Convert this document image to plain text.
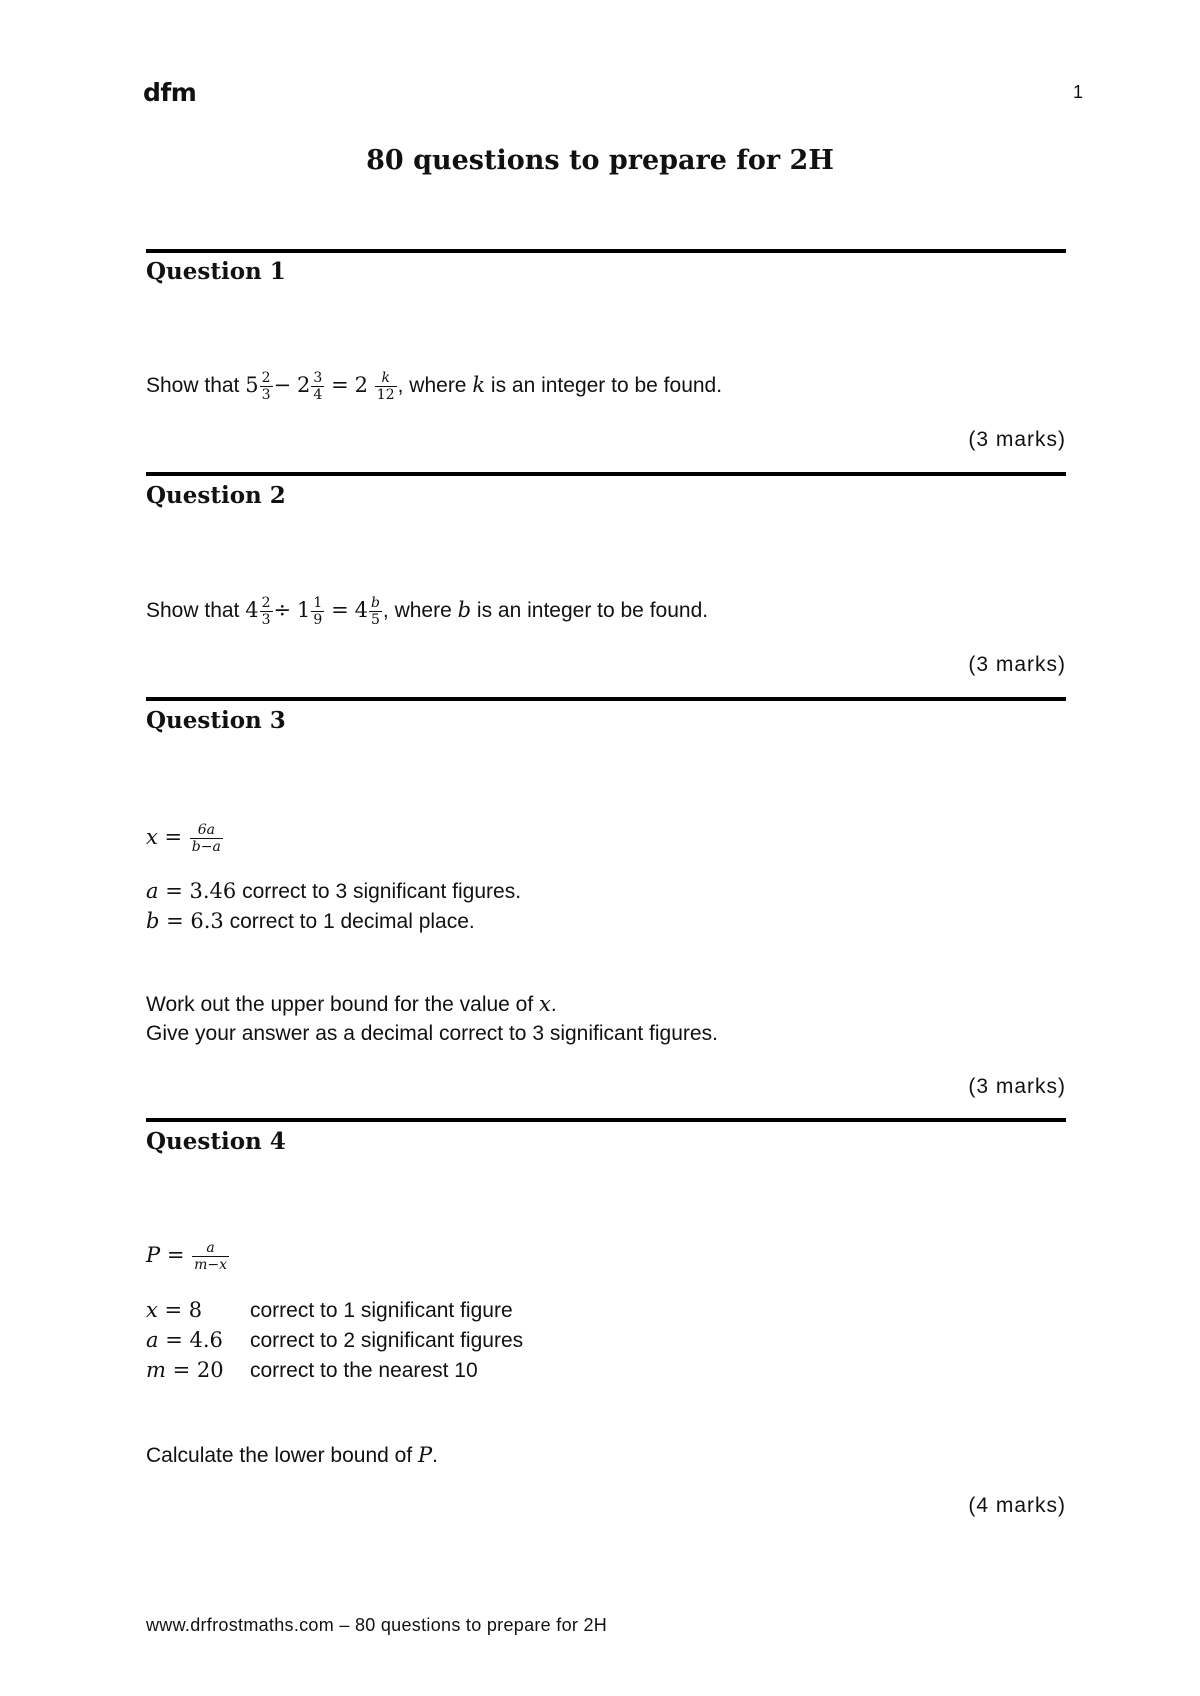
dfm	1
80 questions to prepare for 2H
Question 1
Show that $5 \frac{2}{3} - 2 \frac{3}{4} = 2 \frac{k}{12}$ , where k is an integer to be found.
(3 marks)
Question 2
Show that $4 \frac{2}{3} \div 1 \frac{1}{9} = 4 \frac{b}{5}$ , where b is an integer to be found.
(3 marks)
Question 3
$x = \frac{6a}{b-a}$
a = 3.46 correct to 3 significant figures.
b = 6.3 correct to 1 decimal place.
Work out the upper bound for the value of x.
Give your answer as a decimal correct to 3 significant figures.
(3 marks)
Question 4
$P = \frac{a}{m-x}$
x = 8 correct to 1 significant figure
a = 4.6 correct to 2 significant figures
m = 20 correct to the nearest 10
Calculate the lower bound of P.
(4 marks)
www.drfrostmaths.com – 80 questions to prepare for 2H
